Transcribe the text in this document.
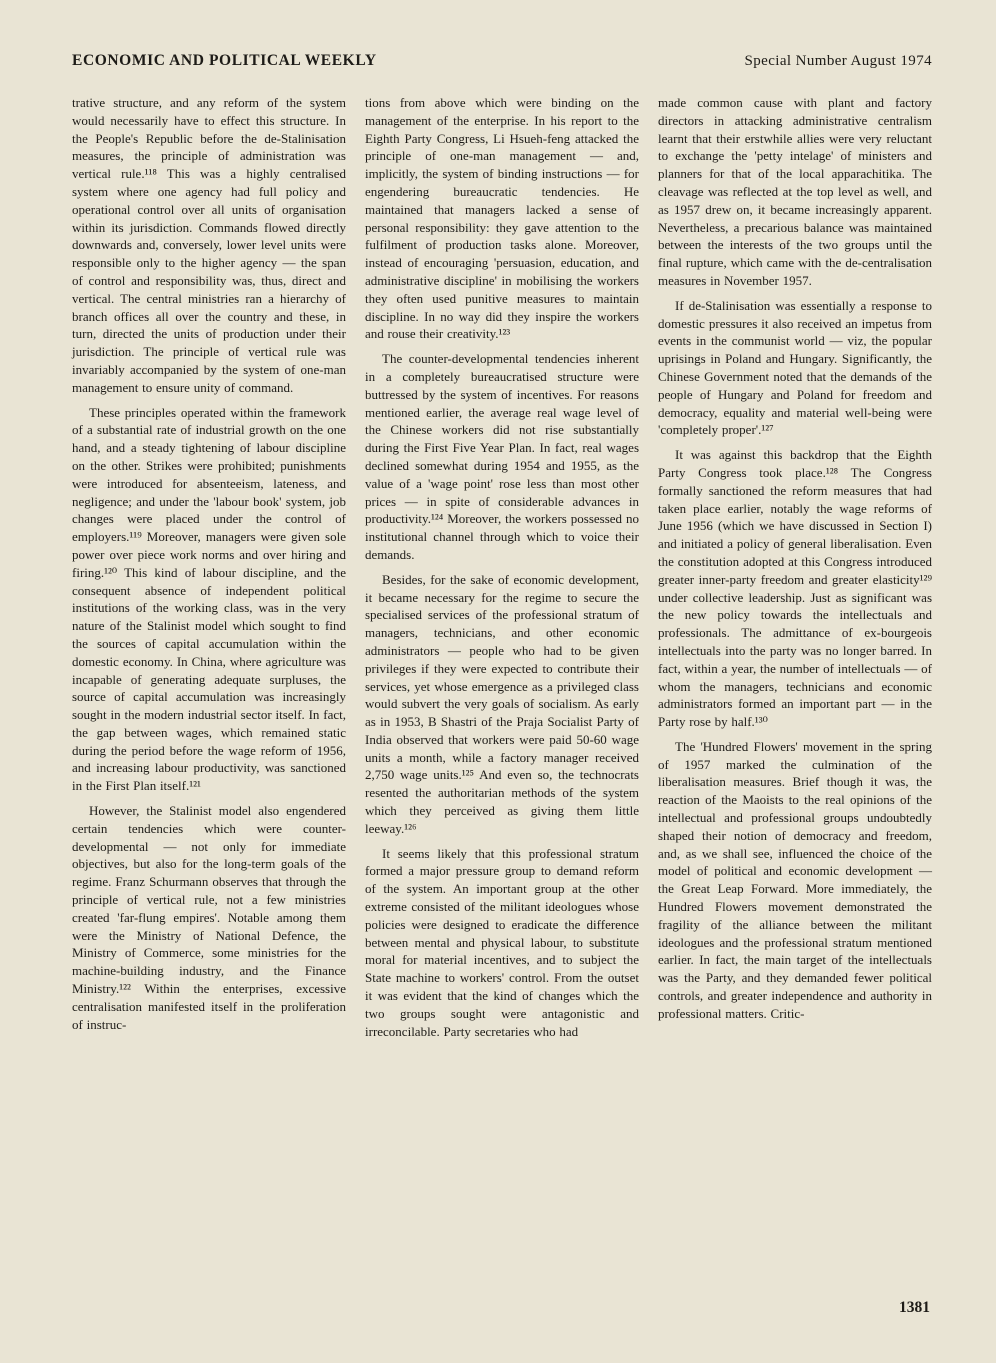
ECONOMIC AND POLITICAL WEEKLY	Special Number August 1974

trative structure, and any reform of the system would necessarily have to effect this structure. In the People's Republic before the de-Stalinisation measures, the principle of administration was vertical rule.¹¹⁸ This was a highly centralised system where one agency had full policy and operational control over all units of organisation within its jurisdiction. Commands flowed directly downwards and, conversely, lower level units were responsible only to the higher agency — the span of control and responsibility was, thus, direct and vertical. The central ministries ran a hierarchy of branch offices all over the country and these, in turn, directed the units of production under their jurisdiction. The principle of vertical rule was invariably accompanied by the system of one-man management to ensure unity of command.

These principles operated within the framework of a substantial rate of industrial growth on the one hand, and a steady tightening of labour discipline on the other. Strikes were prohibited; punishments were introduced for absenteeism, lateness, and negligence; and under the 'labour book' system, job changes were placed under the control of employers.¹¹⁹ Moreover, managers were given sole power over piece work norms and over hiring and firing.¹²⁰ This kind of labour discipline, and the consequent absence of independent political institutions of the working class, was in the very nature of the Stalinist model which sought to find the sources of capital accumulation within the domestic economy. In China, where agriculture was incapable of generating adequate surpluses, the source of capital accumulation was increasingly sought in the modern industrial sector itself. In fact, the gap between wages, which remained static during the period before the wage reform of 1956, and increasing labour productivity, was sanctioned in the First Plan itself.¹²¹

However, the Stalinist model also engendered certain tendencies which were counter-developmental — not only for immediate objectives, but also for the long-term goals of the regime. Franz Schurmann observes that through the principle of vertical rule, not a few ministries created 'far-flung empires'. Notable among them were the Ministry of National Defence, the Ministry of Commerce, some ministries for the machine-building industry, and the Finance Ministry.¹²² Within the enterprises, excessive centralisation manifested itself in the proliferation of instruc-

tions from above which were binding on the management of the enterprise. In his report to the Eighth Party Congress, Li Hsueh-feng attacked the principle of one-man management — and, implicitly, the system of binding instructions — for engendering bureaucratic tendencies. He maintained that managers lacked a sense of personal responsibility: they gave attention to the fulfilment of production tasks alone. Moreover, instead of encouraging 'persuasion, education, and administrative discipline' in mobilising the workers they often used punitive measures to maintain discipline. In no way did they inspire the workers and rouse their creativity.¹²³

The counter-developmental tendencies inherent in a completely bureaucratised structure were buttressed by the system of incentives. For reasons mentioned earlier, the average real wage level of the Chinese workers did not rise substantially during the First Five Year Plan. In fact, real wages declined somewhat during 1954 and 1955, as the value of a 'wage point' rose less than most other prices — in spite of considerable advances in productivity.¹²⁴ Moreover, the workers possessed no institutional channel through which to voice their demands.

Besides, for the sake of economic development, it became necessary for the regime to secure the specialised services of the professional stratum of managers, technicians, and other economic administrators — people who had to be given privileges if they were expected to contribute their services, yet whose emergence as a privileged class would subvert the very goals of socialism. As early as in 1953, B Shastri of the Praja Socialist Party of India observed that workers were paid 50-60 wage units a month, while a factory manager received 2,750 wage units.¹²⁵ And even so, the technocrats resented the authoritarian methods of the system which they perceived as giving them little leeway.¹²⁶

It seems likely that this professional stratum formed a major pressure group to demand reform of the system. An important group at the other extreme consisted of the militant ideologues whose policies were designed to eradicate the difference between mental and physical labour, to substitute moral for material incentives, and to subject the State machine to workers' control. From the outset it was evident that the kind of changes which the two groups sought were antagonistic and irreconcilable. Party secretaries who had

made common cause with plant and factory directors in attacking administrative centralism learnt that their erstwhile allies were very reluctant to exchange the 'petty intelage' of ministers and planners for that of the local apparachitika. The cleavage was reflected at the top level as well, and as 1957 drew on, it became increasingly apparent. Nevertheless, a precarious balance was maintained between the interests of the two groups until the final rupture, which came with the de-centralisation measures in November 1957.

If de-Stalinisation was essentially a response to domestic pressures it also received an impetus from events in the communist world — viz, the popular uprisings in Poland and Hungary. Significantly, the Chinese Government noted that the demands of the people of Hungary and Poland for freedom and democracy, equality and material well-being were 'completely proper'.¹²⁷

It was against this backdrop that the Eighth Party Congress took place.¹²⁸ The Congress formally sanctioned the reform measures that had taken place earlier, notably the wage reforms of June 1956 (which we have discussed in Section I) and initiated a policy of general liberalisation. Even the constitution adopted at this Congress introduced greater inner-party freedom and greater elasticity¹²⁹ under collective leadership. Just as significant was the new policy towards the intellectuals and professionals. The admittance of ex-bourgeois intellectuals into the party was no longer barred. In fact, within a year, the number of intellectuals — of whom the managers, technicians and economic administrators formed an important part — in the Party rose by half.¹³⁰

The 'Hundred Flowers' movement in the spring of 1957 marked the culmination of the liberalisation measures. Brief though it was, the reaction of the Maoists to the real opinions of the intellectual and professional groups undoubtedly shaped their notion of democracy and freedom, and, as we shall see, influenced the choice of the model of political and economic development — the Great Leap Forward. More immediately, the Hundred Flowers movement demonstrated the fragility of the alliance between the militant ideologues and the professional stratum mentioned earlier. In fact, the main target of the intellectuals was the Party, and they demanded fewer political controls, and greater independence and authority in professional matters. Critic-

1381
